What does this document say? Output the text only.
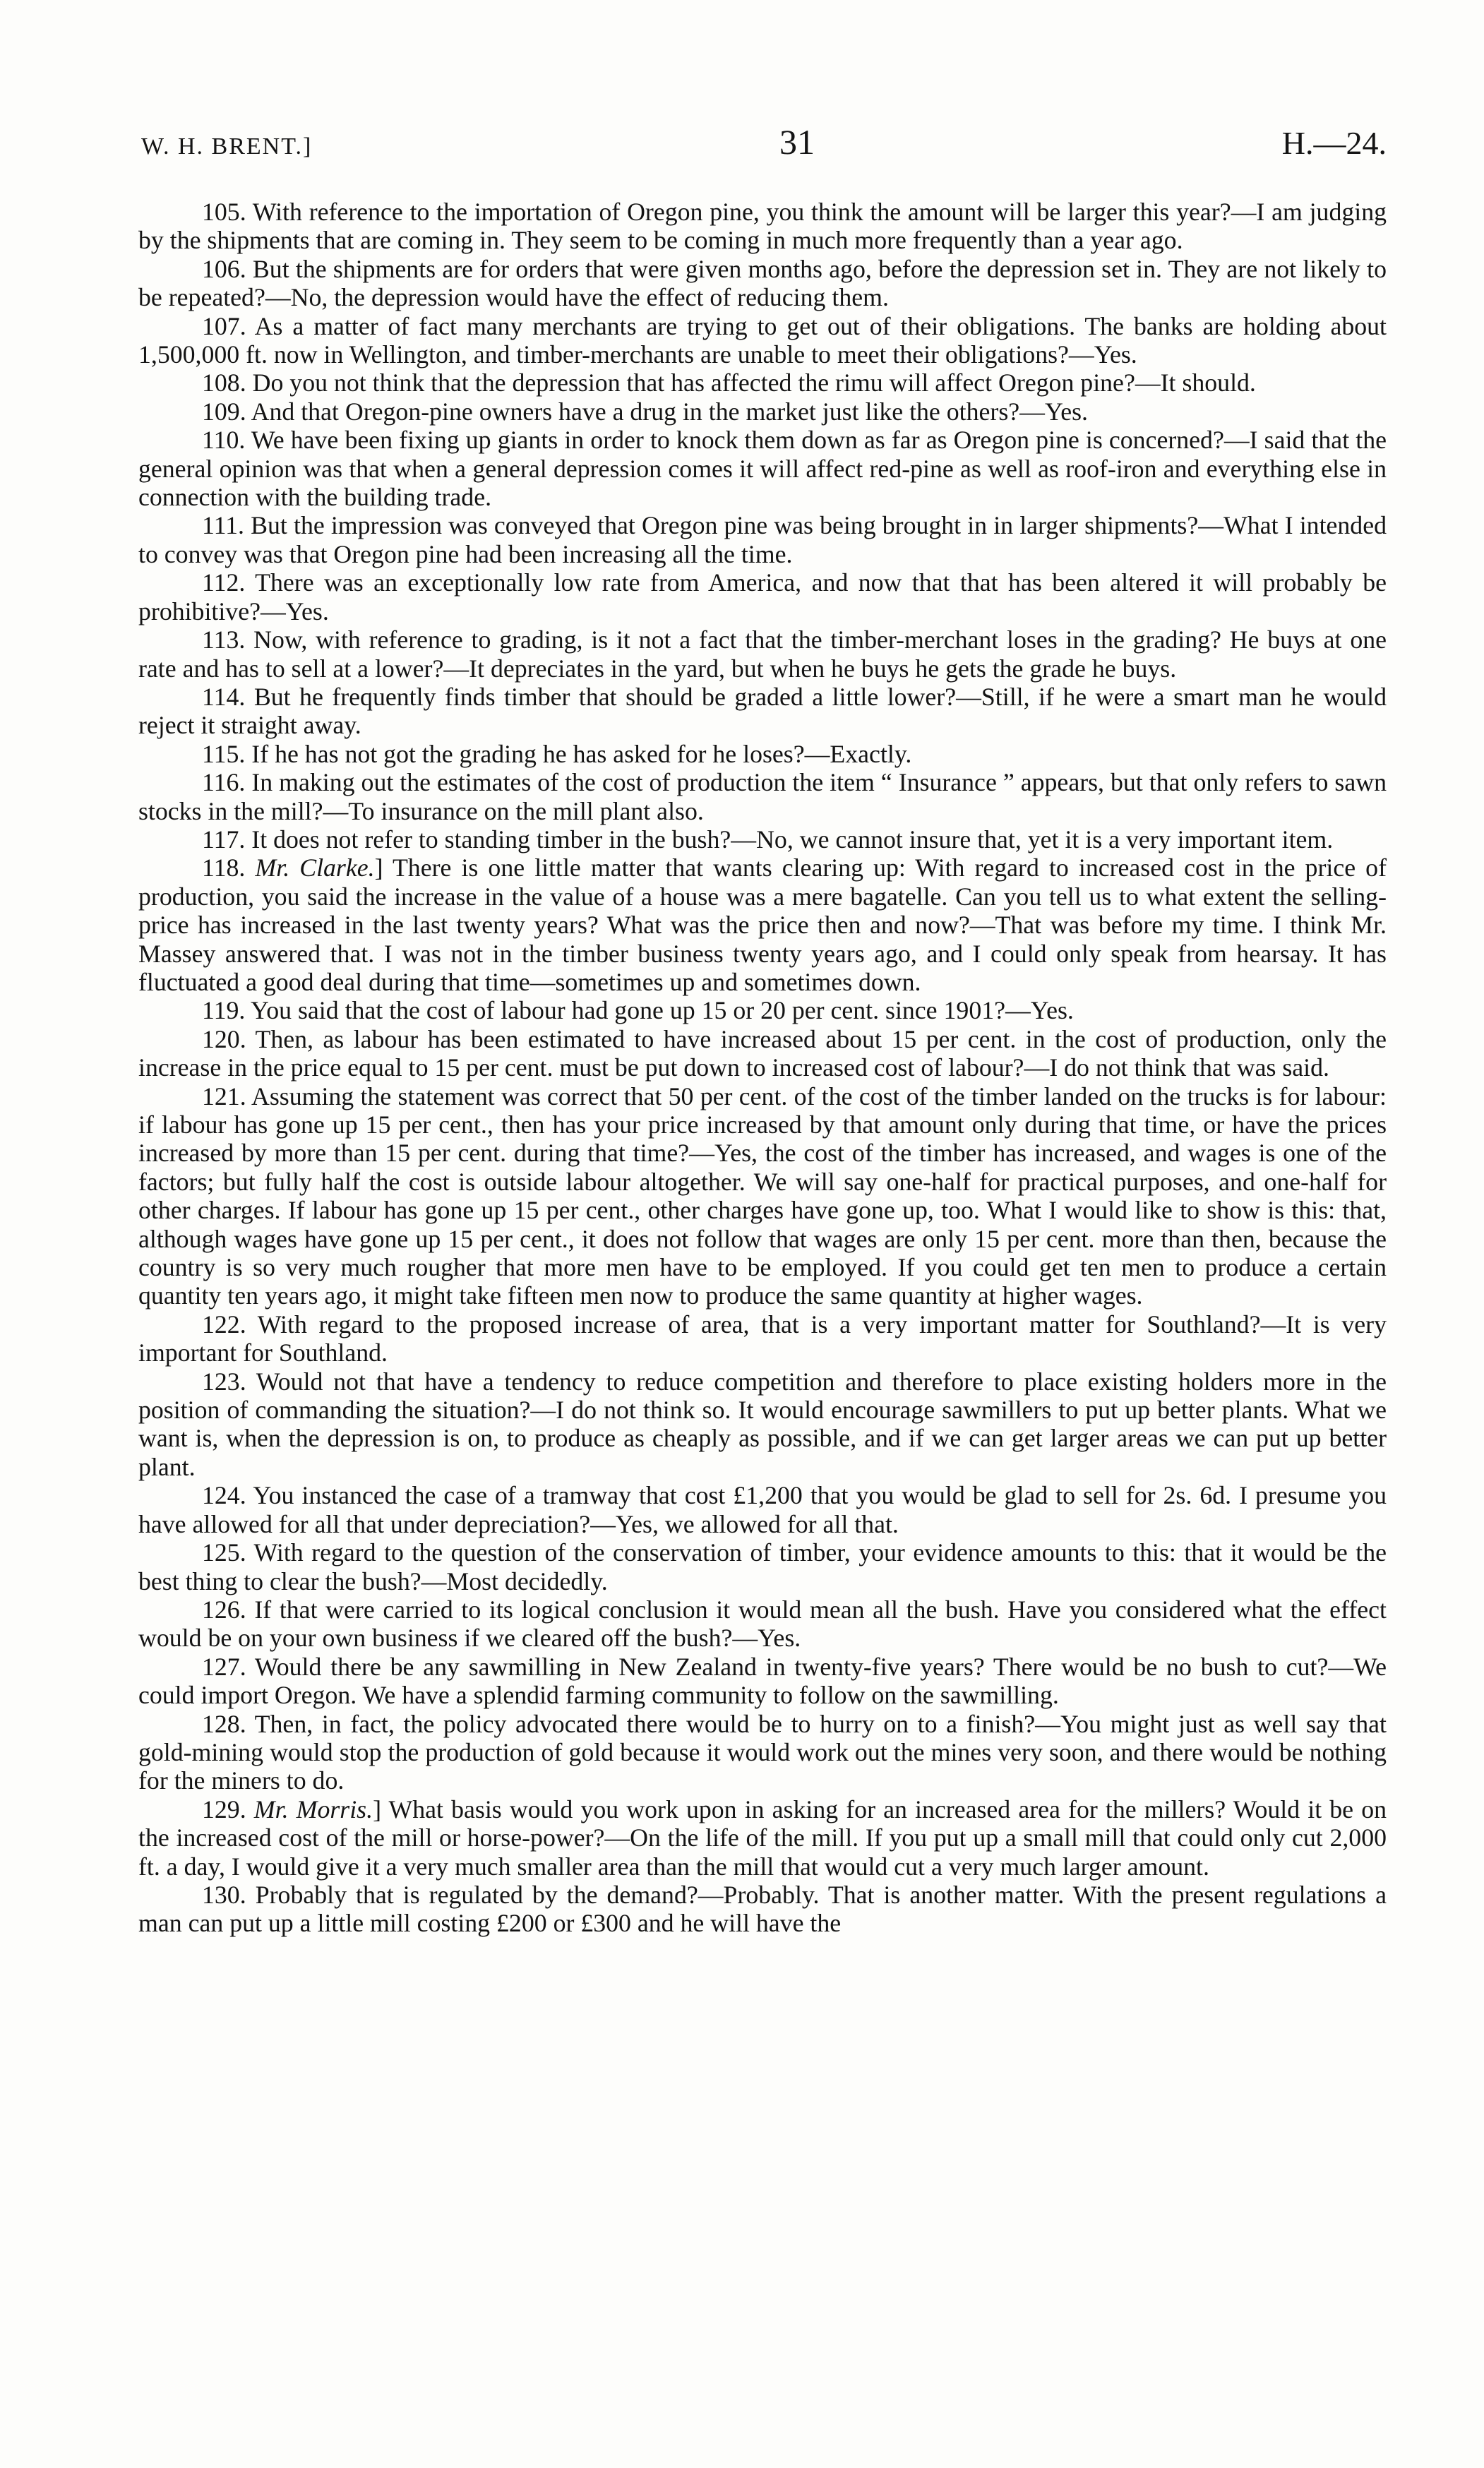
W. H. BRENT.]	31	H.—24.

105. With reference to the importation of Oregon pine, you think the amount will be larger this year?—I am judging by the shipments that are coming in. They seem to be coming in much more frequently than a year ago.

106. But the shipments are for orders that were given months ago, before the depression set in. They are not likely to be repeated?—No, the depression would have the effect of reducing them.

107. As a matter of fact many merchants are trying to get out of their obligations. The banks are holding about 1,500,000 ft. now in Wellington, and timber-merchants are unable to meet their obligations?—Yes.

108. Do you not think that the depression that has affected the rimu will affect Oregon pine?—It should.

109. And that Oregon-pine owners have a drug in the market just like the others?—Yes.

110. We have been fixing up giants in order to knock them down as far as Oregon pine is concerned?—I said that the general opinion was that when a general depression comes it will affect red-pine as well as roof-iron and everything else in connection with the building trade.

111. But the impression was conveyed that Oregon pine was being brought in in larger shipments?—What I intended to convey was that Oregon pine had been increasing all the time.

112. There was an exceptionally low rate from America, and now that that has been altered it will probably be prohibitive?—Yes.

113. Now, with reference to grading, is it not a fact that the timber-merchant loses in the grading? He buys at one rate and has to sell at a lower?—It depreciates in the yard, but when he buys he gets the grade he buys.

114. But he frequently finds timber that should be graded a little lower?—Still, if he were a smart man he would reject it straight away.

115. If he has not got the grading he has asked for he loses?—Exactly.

116. In making out the estimates of the cost of production the item “ Insurance ” appears, but that only refers to sawn stocks in the mill?—To insurance on the mill plant also.

117. It does not refer to standing timber in the bush?—No, we cannot insure that, yet it is a very important item.

118. Mr. Clarke.] There is one little matter that wants clearing up: With regard to increased cost in the price of production, you said the increase in the value of a house was a mere bagatelle. Can you tell us to what extent the selling-price has increased in the last twenty years? What was the price then and now?—That was before my time. I think Mr. Massey answered that. I was not in the timber business twenty years ago, and I could only speak from hearsay. It has fluctuated a good deal during that time—sometimes up and sometimes down.

119. You said that the cost of labour had gone up 15 or 20 per cent. since 1901?—Yes.

120. Then, as labour has been estimated to have increased about 15 per cent. in the cost of production, only the increase in the price equal to 15 per cent. must be put down to increased cost of labour?—I do not think that was said.

121. Assuming the statement was correct that 50 per cent. of the cost of the timber landed on the trucks is for labour: if labour has gone up 15 per cent., then has your price increased by that amount only during that time, or have the prices increased by more than 15 per cent. during that time?—Yes, the cost of the timber has increased, and wages is one of the factors; but fully half the cost is outside labour altogether. We will say one-half for practical purposes, and one-half for other charges. If labour has gone up 15 per cent., other charges have gone up, too. What I would like to show is this: that, although wages have gone up 15 per cent., it does not follow that wages are only 15 per cent. more than then, because the country is so very much rougher that more men have to be employed. If you could get ten men to produce a certain quantity ten years ago, it might take fifteen men now to produce the same quantity at higher wages.

122. With regard to the proposed increase of area, that is a very important matter for Southland?—It is very important for Southland.

123. Would not that have a tendency to reduce competition and therefore to place existing holders more in the position of commanding the situation?—I do not think so. It would encourage sawmillers to put up better plants. What we want is, when the depression is on, to produce as cheaply as possible, and if we can get larger areas we can put up better plant.

124. You instanced the case of a tramway that cost £1,200 that you would be glad to sell for 2s. 6d. I presume you have allowed for all that under depreciation?—Yes, we allowed for all that.

125. With regard to the question of the conservation of timber, your evidence amounts to this: that it would be the best thing to clear the bush?—Most decidedly.

126. If that were carried to its logical conclusion it would mean all the bush. Have you considered what the effect would be on your own business if we cleared off the bush?—Yes.

127. Would there be any sawmilling in New Zealand in twenty-five years? There would be no bush to cut?—We could import Oregon. We have a splendid farming community to follow on the sawmilling.

128. Then, in fact, the policy advocated there would be to hurry on to a finish?—You might just as well say that gold-mining would stop the production of gold because it would work out the mines very soon, and there would be nothing for the miners to do.

129. Mr. Morris.] What basis would you work upon in asking for an increased area for the millers? Would it be on the increased cost of the mill or horse-power?—On the life of the mill. If you put up a small mill that could only cut 2,000 ft. a day, I would give it a very much smaller area than the mill that would cut a very much larger amount.

130. Probably that is regulated by the demand?—Probably. That is another matter. With the present regulations a man can put up a little mill costing £200 or £300 and he will have the
